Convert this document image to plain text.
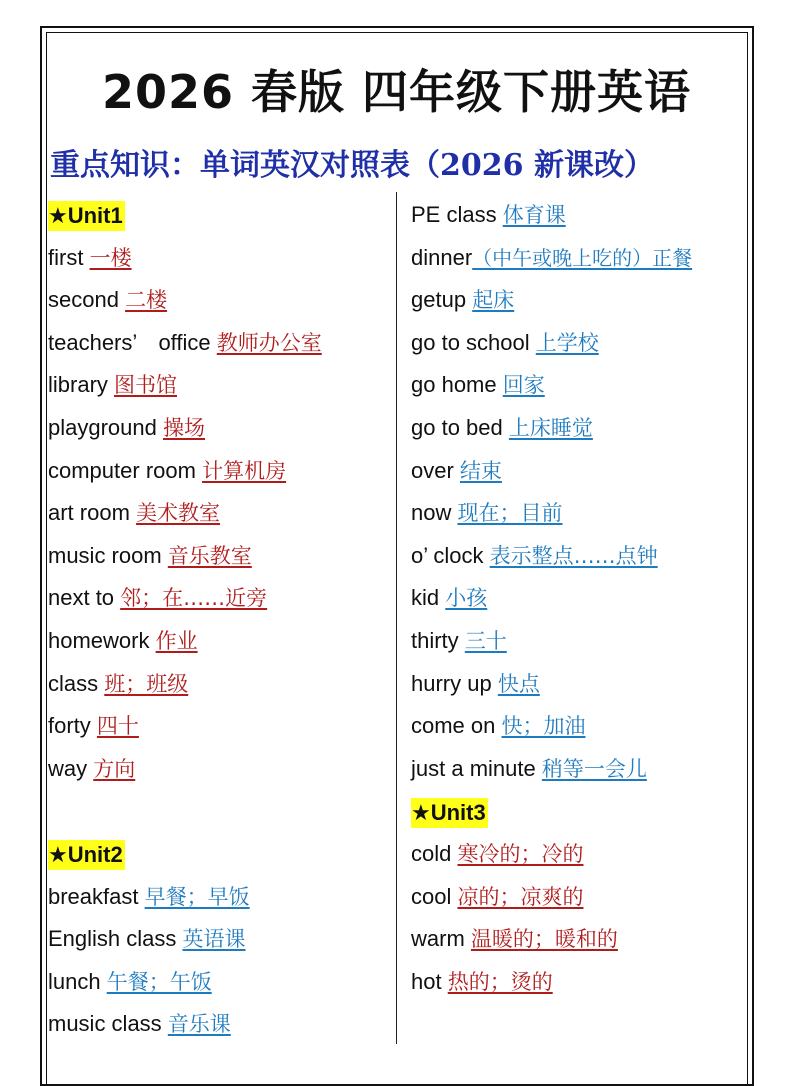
2026 春版 四年级下册英语
重点知识：单词英汉对照表（2026 新课改）
★Unit1
first 一楼
second 二楼
teachers’　office 教师办公室
library 图书馆
playground 操场
computer room 计算机房
art room 美术教室
music room 音乐教室
next to 邻；在……近旁
homework 作业
class 班；班级
forty 四十
way 方向
★Unit2
breakfast 早餐；早饭
English class 英语课
lunch 午餐；午饭
music class 音乐课
PE class 体育课
dinner（中午或晚上吃的）正餐
getup 起床
go to school 上学校
go home 回家
go to bed 上床睡觉
over 结束
now 现在；目前
o’ clock 表示整点……点钟
kid 小孩
thirty 三十
hurry up 快点
come on 快；加油
just a minute 稍等一会儿
★Unit3
cold 寒冷的；冷的
cool 凉的；凉爽的
warm 温暖的；暖和的
hot 热的；烫的
